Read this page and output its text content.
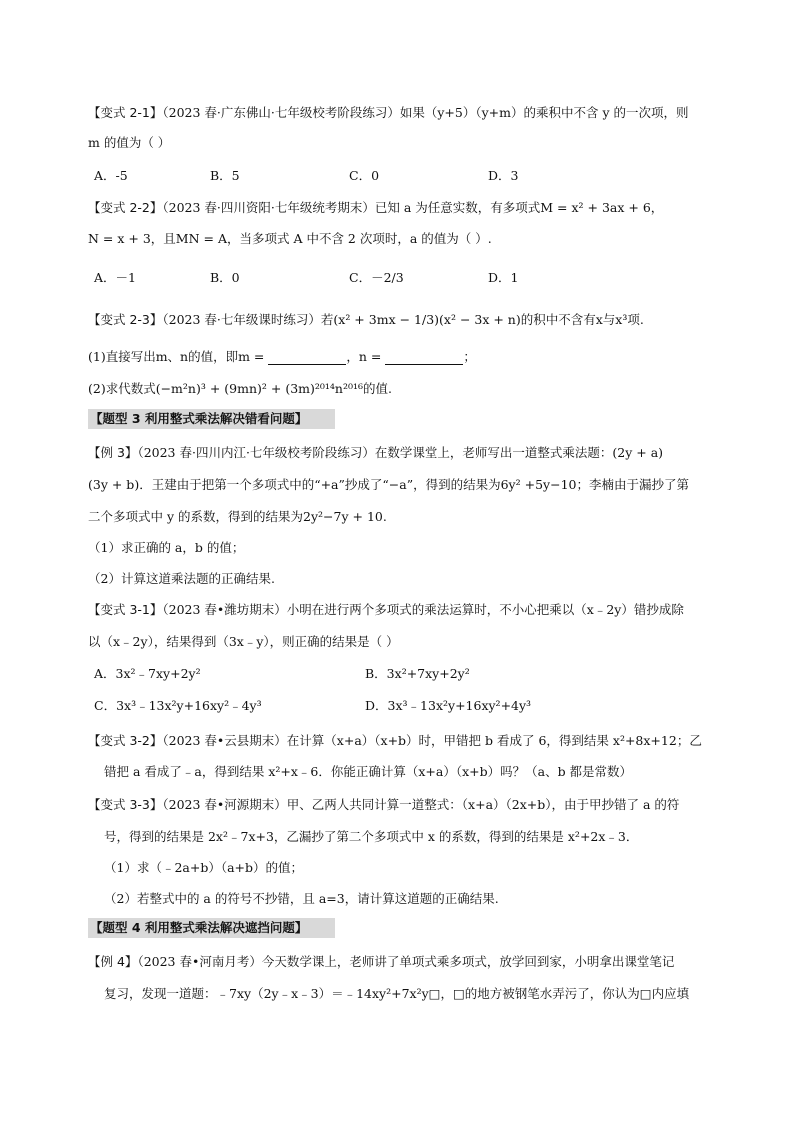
【变式 2-1】（2023 春·广东佛山·七年级校考阶段练习）如果（y+5）（y+m）的乘积中不含 y 的一次项，则
m 的值为（ ）
A．-5	B．5	C．0	D．3
【变式 2-2】（2023 春·四川资阳·七年级统考期末）已知 a 为任意实数，有多项式M = x² + 3ax + 6，
N = x + 3，且MN = A，当多项式 A 中不含 2 次项时，a 的值为（ ）.
A．－1	B．0	C．－2/3	D．1
【变式 2-3】（2023 春·七年级课时练习）若(x² + 3mx − 1/3)(x² − 3x + n)的积中不含有x与x³项.
(1)直接写出m、n的值，即m =	，n =	；
(2)求代数式(−m²n)³ + (9mn)² + (3m)²⁰¹⁴n²⁰¹⁶的值.
【题型 3 利用整式乘法解决错看问题】
【例 3】（2023 春·四川内江·七年级校考阶段练习）在数学课堂上，老师写出一道整式乘法题：(2y + a)
(3y + b)．王建由于把第一个多项式中的“+a”抄成了“−a”，得到的结果为6y² +5y−10；李楠由于漏抄了第
二个多项式中 y 的系数，得到的结果为2y²−7y + 10.
（1）求正确的 a，b 的值；
（2）计算这道乘法题的正确结果.
【变式 3-1】（2023 春•潍坊期末）小明在进行两个多项式的乘法运算时，不小心把乘以（x﹣2y）错抄成除
以（x﹣2y），结果得到（3x﹣y），则正确的结果是（ ）
A．3x²﹣7xy+2y²	B．3x²+7xy+2y²
C．3x³﹣13x²y+16xy²﹣4y³	D．3x³﹣13x²y+16xy²+4y³
【变式 3-2】（2023 春•云县期末）在计算（x+a）（x+b）时，甲错把 b 看成了 6，得到结果 x²+8x+12；乙
错把 a 看成了﹣a，得到结果 x²+x﹣6．你能正确计算（x+a）（x+b）吗？（a、b 都是常数）
【变式 3-3】（2023 春•河源期末）甲、乙两人共同计算一道整式：（x+a）（2x+b），由于甲抄错了 a 的符
号，得到的结果是 2x²﹣7x+3，乙漏抄了第二个多项式中 x 的系数，得到的结果是 x²+2x﹣3．
（1）求（﹣2a+b）（a+b）的值；
（2）若整式中的 a 的符号不抄错，且 a=3，请计算这道题的正确结果.
【题型 4 利用整式乘法解决遮挡问题】
【例 4】（2023 春•河南月考）今天数学课上，老师讲了单项式乘多项式，放学回到家，小明拿出课堂笔记
复习，发现一道题：﹣7xy（2y﹣x﹣3）＝﹣14xy²+7x²y□，□的地方被钢笔水弄污了，你认为□内应填
